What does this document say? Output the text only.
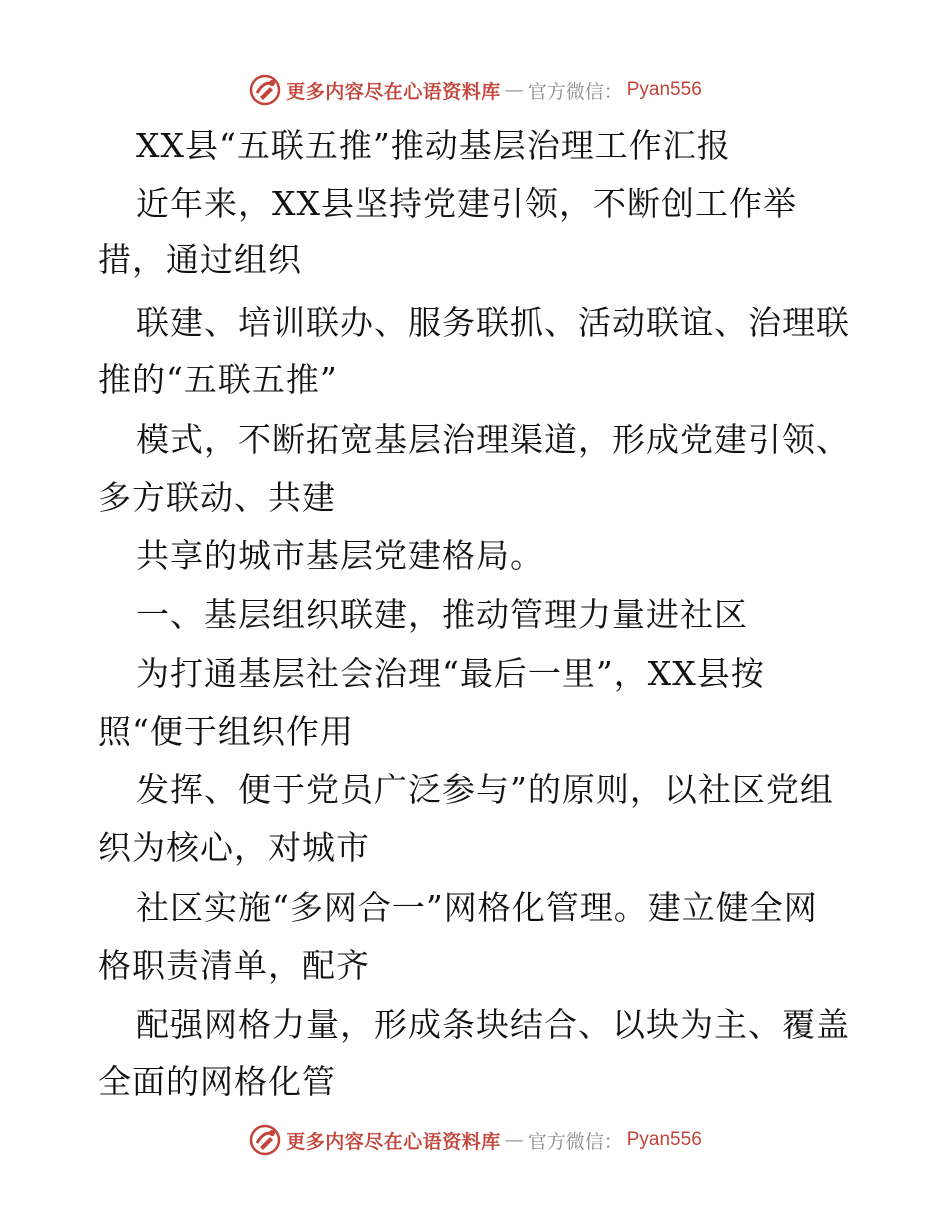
更多内容尽在心语资料库 — 官方微信： Pyan556
XX县“五联五推”推动基层治理工作汇报
近年来，XX县坚持党建引领，不断创工作举
措，通过组织
联建、培训联办、服务联抓、活动联谊、治理联
推的“五联五推”
模式，不断拓宽基层治理渠道，形成党建引领、
多方联动、共建
共享的城市基层党建格局。
一、基层组织联建，推动管理力量进社区
为打通基层社会治理“最后一里”，XX县按
照“便于组织作用
发挥、便于党员广泛参与”的原则，以社区党组
织为核心，对城市
社区实施“多网合一”网格化管理。建立健全网
格职责清单，配齐
配强网格力量，形成条块结合、以块为主、覆盖
全面的网格化管
更多内容尽在心语资料库 — 官方微信： Pyan556
